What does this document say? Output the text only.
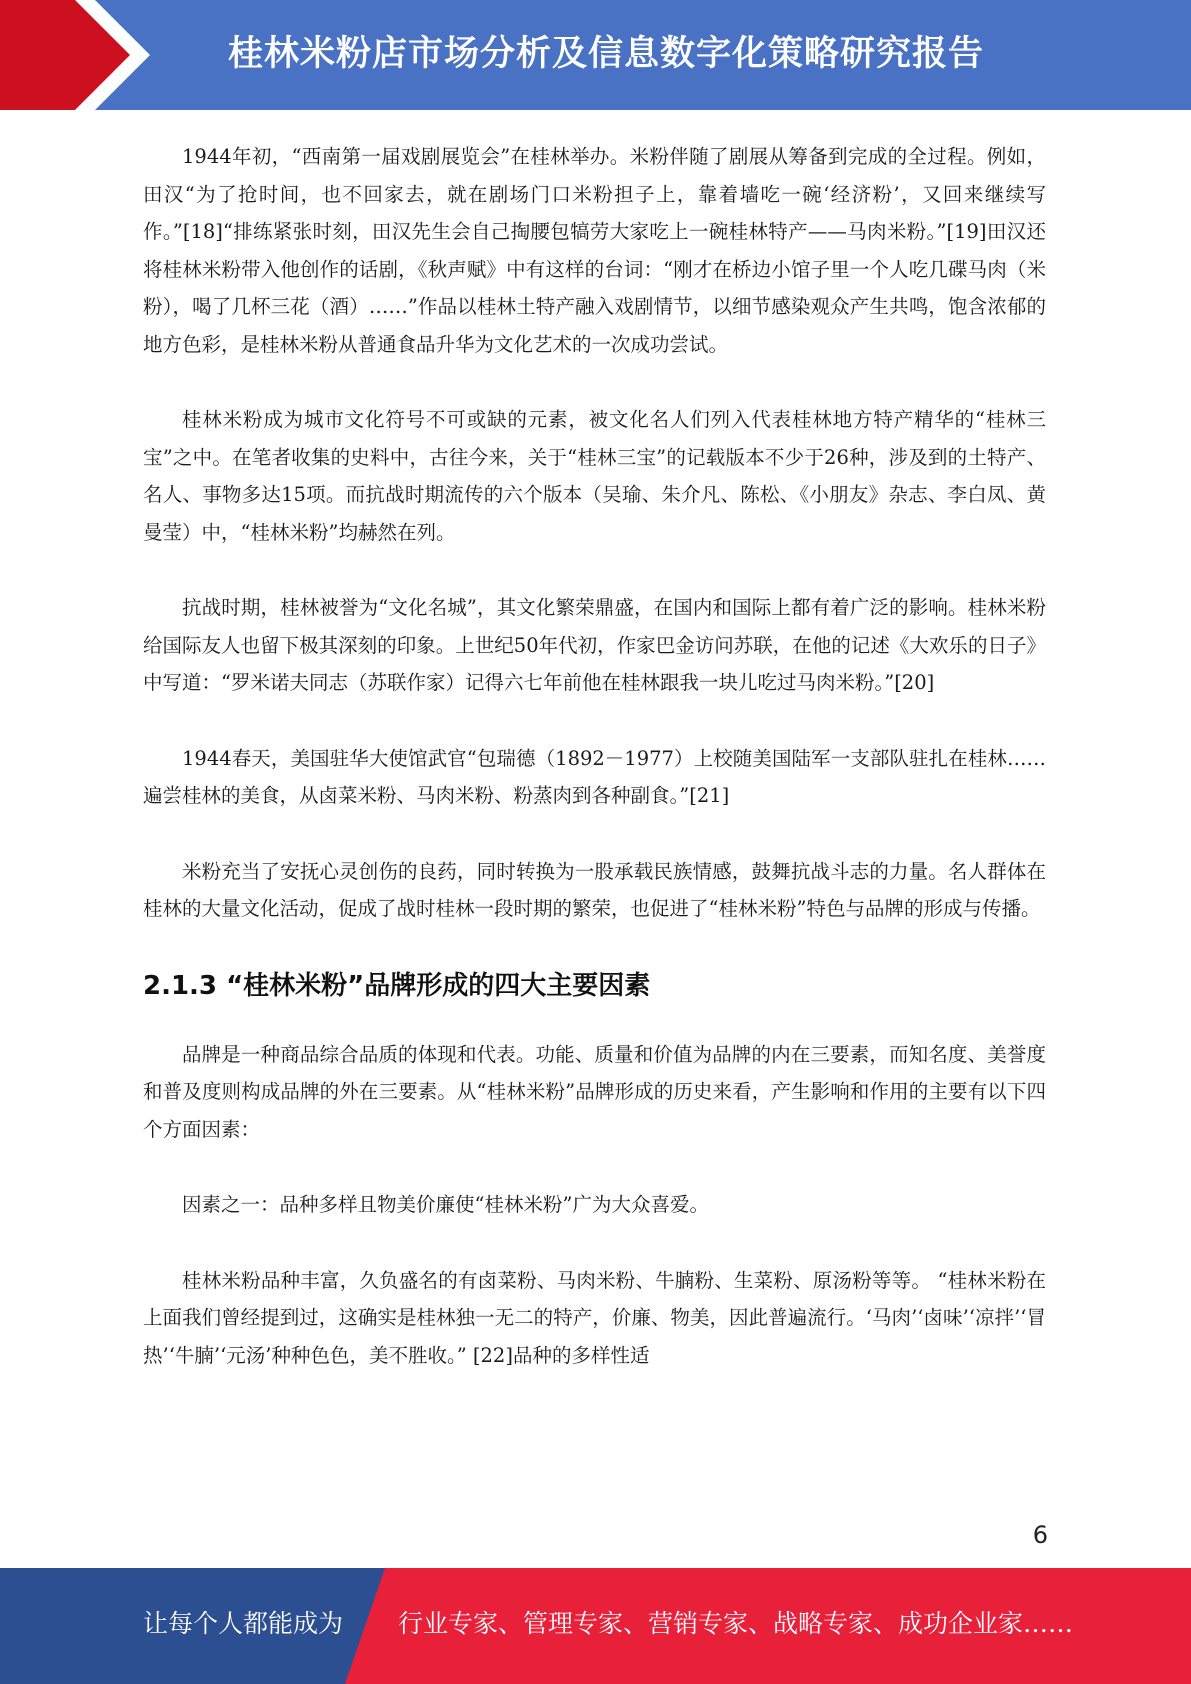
桂林米粉店市场分析及信息数字化策略研究报告

1944年初，“西南第一届戏剧展览会”在桂林举办。米粉伴随了剧展从筹备到完成的全过程。例如，田汉“为了抢时间，也不回家去，就在剧场门口米粉担子上，靠着墙吃一碗‘经济粉’，又回来继续写作。”[18]“排练紧张时刻，田汉先生会自己掏腰包犒劳大家吃上一碗桂林特产——马肉米粉。”[19]田汉还将桂林米粉带入他创作的话剧，《秋声赋》中有这样的台词：“刚才在桥边小馆子里一个人吃几碟马肉（米粉），喝了几杯三花（酒）……”作品以桂林土特产融入戏剧情节，以细节感染观众产生共鸣，饱含浓郁的地方色彩，是桂林米粉从普通食品升华为文化艺术的一次成功尝试。

桂林米粉成为城市文化符号不可或缺的元素，被文化名人们列入代表桂林地方特产精华的“桂林三宝”之中。在笔者收集的史料中，古往今来，关于“桂林三宝”的记载版本不少于26种，涉及到的土特产、名人、事物多达15项。而抗战时期流传的六个版本（吴瑜、朱介凡、陈松、《小朋友》杂志、李白凤、黄曼莹）中，“桂林米粉”均赫然在列。

抗战时期，桂林被誉为“文化名城”，其文化繁荣鼎盛，在国内和国际上都有着广泛的影响。桂林米粉给国际友人也留下极其深刻的印象。上世纪50年代初，作家巴金访问苏联，在他的记述《大欢乐的日子》中写道：“罗米诺夫同志（苏联作家）记得六七年前他在桂林跟我一块儿吃过马肉米粉。”[20]

1944春天，美国驻华大使馆武官“包瑞德（1892－1977）上校随美国陆军一支部队驻扎在桂林……遍尝桂林的美食，从卤菜米粉、马肉米粉、粉蒸肉到各种副食。”[21]

米粉充当了安抚心灵创伤的良药，同时转换为一股承载民族情感，鼓舞抗战斗志的力量。名人群体在桂林的大量文化活动，促成了战时桂林一段时期的繁荣，也促进了“桂林米粉”特色与品牌的形成与传播。

2.1.3 “桂林米粉”品牌形成的四大主要因素

品牌是一种商品综合品质的体现和代表。功能、质量和价值为品牌的内在三要素，而知名度、美誉度和普及度则构成品牌的外在三要素。从“桂林米粉”品牌形成的历史来看，产生影响和作用的主要有以下四个方面因素：

因素之一：品种多样且物美价廉使“桂林米粉”广为大众喜爱。

桂林米粉品种丰富，久负盛名的有卤菜粉、马肉米粉、牛腩粉、生菜粉、原汤粉等等。 “桂林米粉在上面我们曾经提到过，这确实是桂林独一无二的特产，价廉、物美，因此普遍流行。‘马肉’‘卤味’‘凉拌’‘冒热’‘牛腩’‘元汤’种种色色，美不胜收。” [22]品种的多样性适

6
让每个人都能成为 行业专家、管理专家、营销专家、战略专家、成功企业家……
